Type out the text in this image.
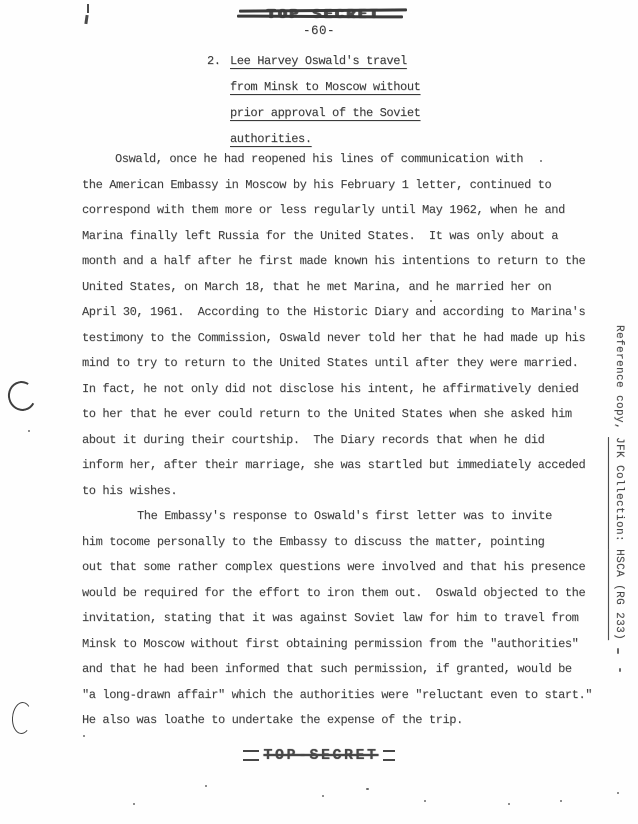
-60-
2. Lee Harvey Oswald's travel
from Minsk to Moscow without
prior approval of the Soviet
authorities.
Oswald, once he had reopened his lines of communication with
the American Embassy in Moscow by his February 1 letter, continued to
correspond with them more or less regularly until May 1962, when he and
Marina finally left Russia for the United States.  It was only about a
month and a half after he first made known his intentions to return to the
United States, on March 18, that he met Marina, and he married her on
April 30, 1961.  According to the Historic Diary and according to Marina's
testimony to the Commission, Oswald never told her that he had made up his
mind to try to return to the United States until after they were married.
In fact, he not only did not disclose his intent, he affirmatively denied
to her that he ever could return to the United States when she asked him
about it during their courtship.  The Diary records that when he did
inform her, after their marriage, she was startled but immediately acceded
to his wishes.
The Embassy's response to Oswald's first letter was to invite
him tocome personally to the Embassy to discuss the matter, pointing
out that some rather complex questions were involved and that his presence
would be required for the effort to iron them out.  Oswald objected to the
invitation, stating that it was against Soviet law for him to travel from
Minsk to Moscow without first obtaining permission from the "authorities"
and that he had been informed that such permission, if granted, would be
"a long-drawn affair" which the authorities were "reluctant even to start."
He also was loathe to undertake the expense of the trip.

Reference copy, JFK Collection: HSCA (RG 233)

TOP-SECRET
